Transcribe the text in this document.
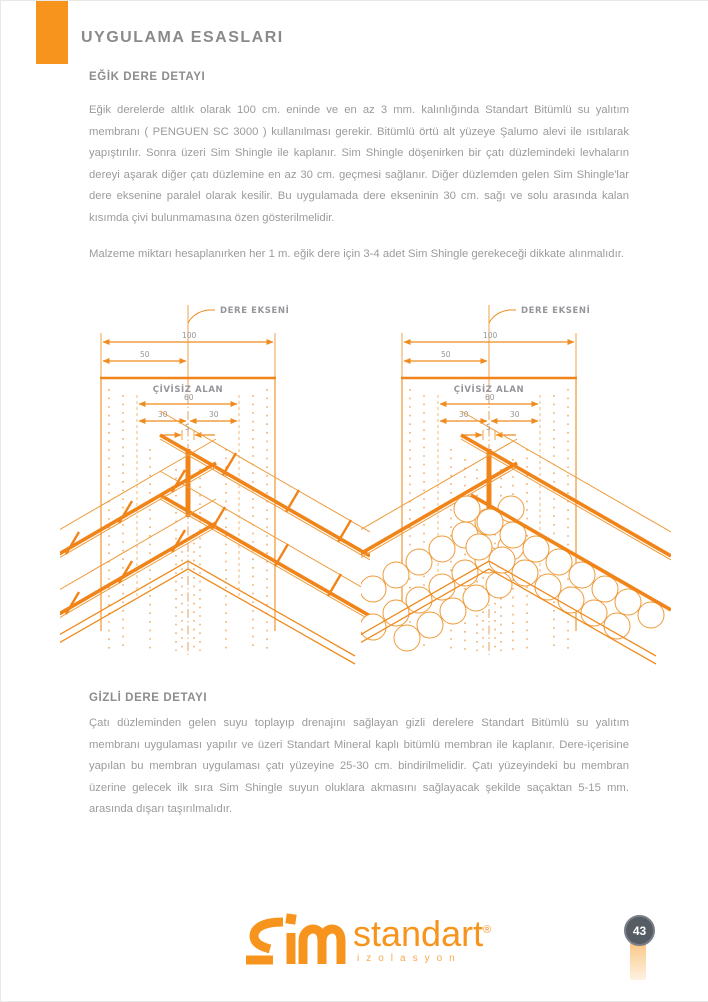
UYGULAMA ESASLARI
EĞİK DERE DETAYI
Eğik derelerde altlık olarak 100 cm. eninde ve en az 3 mm. kalınlığında Standart Bitümlü su yalıtım membranı ( PENGUEN SC 3000 ) kullanılması gerekir. Bitümlü örtü alt yüzeye Şalumo alevi ile ısıtılarak yapıştırılır. Sonra üzeri Sim Shingle ile kaplanır. Sim Shingle döşenirken bir çatı düzlemindeki levhaların dereyi aşarak diğer çatı düzlemine en az 30 cm. geçmesi sağlanır. Diğer düzlemden gelen Sim Shingle'lar dere eksenine paralel olarak kesilir. Bu uygulamada dere ekseninin 30 cm. sağı ve solu arasında kalan kısımda çivi bulunmamasına özen gösterilmelidir.
Malzeme miktarı hesaplanırken her 1 m. eğik dere için 3-4 adet Sim Shingle gerekeceği dikkate alınmalıdır.
DERE EKSENİ
100
50
ÇİVİSİZ ALAN
60
30	30
5
DERE EKSENİ
100
50
ÇİVİSİZ ALAN
60
30	30
5
GİZLİ DERE DETAYI
Çatı düzleminden gelen suyu toplayıp drenajını sağlayan gizli derelere Standart Bitümlü su yalıtım membranı uygulaması yapılır ve üzeri Standart Mineral kaplı bitümlü membran ile kaplanır. Dere-içerisine yapılan bu membran uygulaması çatı yüzeyine 25-30 cm. bindirilmelidir. Çatı yüzeyindeki bu membran üzerine gelecek ilk sıra Sim Shingle suyun oluklara akmasını sağlayacak şekilde saçaktan 5-15 mm. arasında dışarı taşırılmalıdır.
standart®
izolasyon
43
